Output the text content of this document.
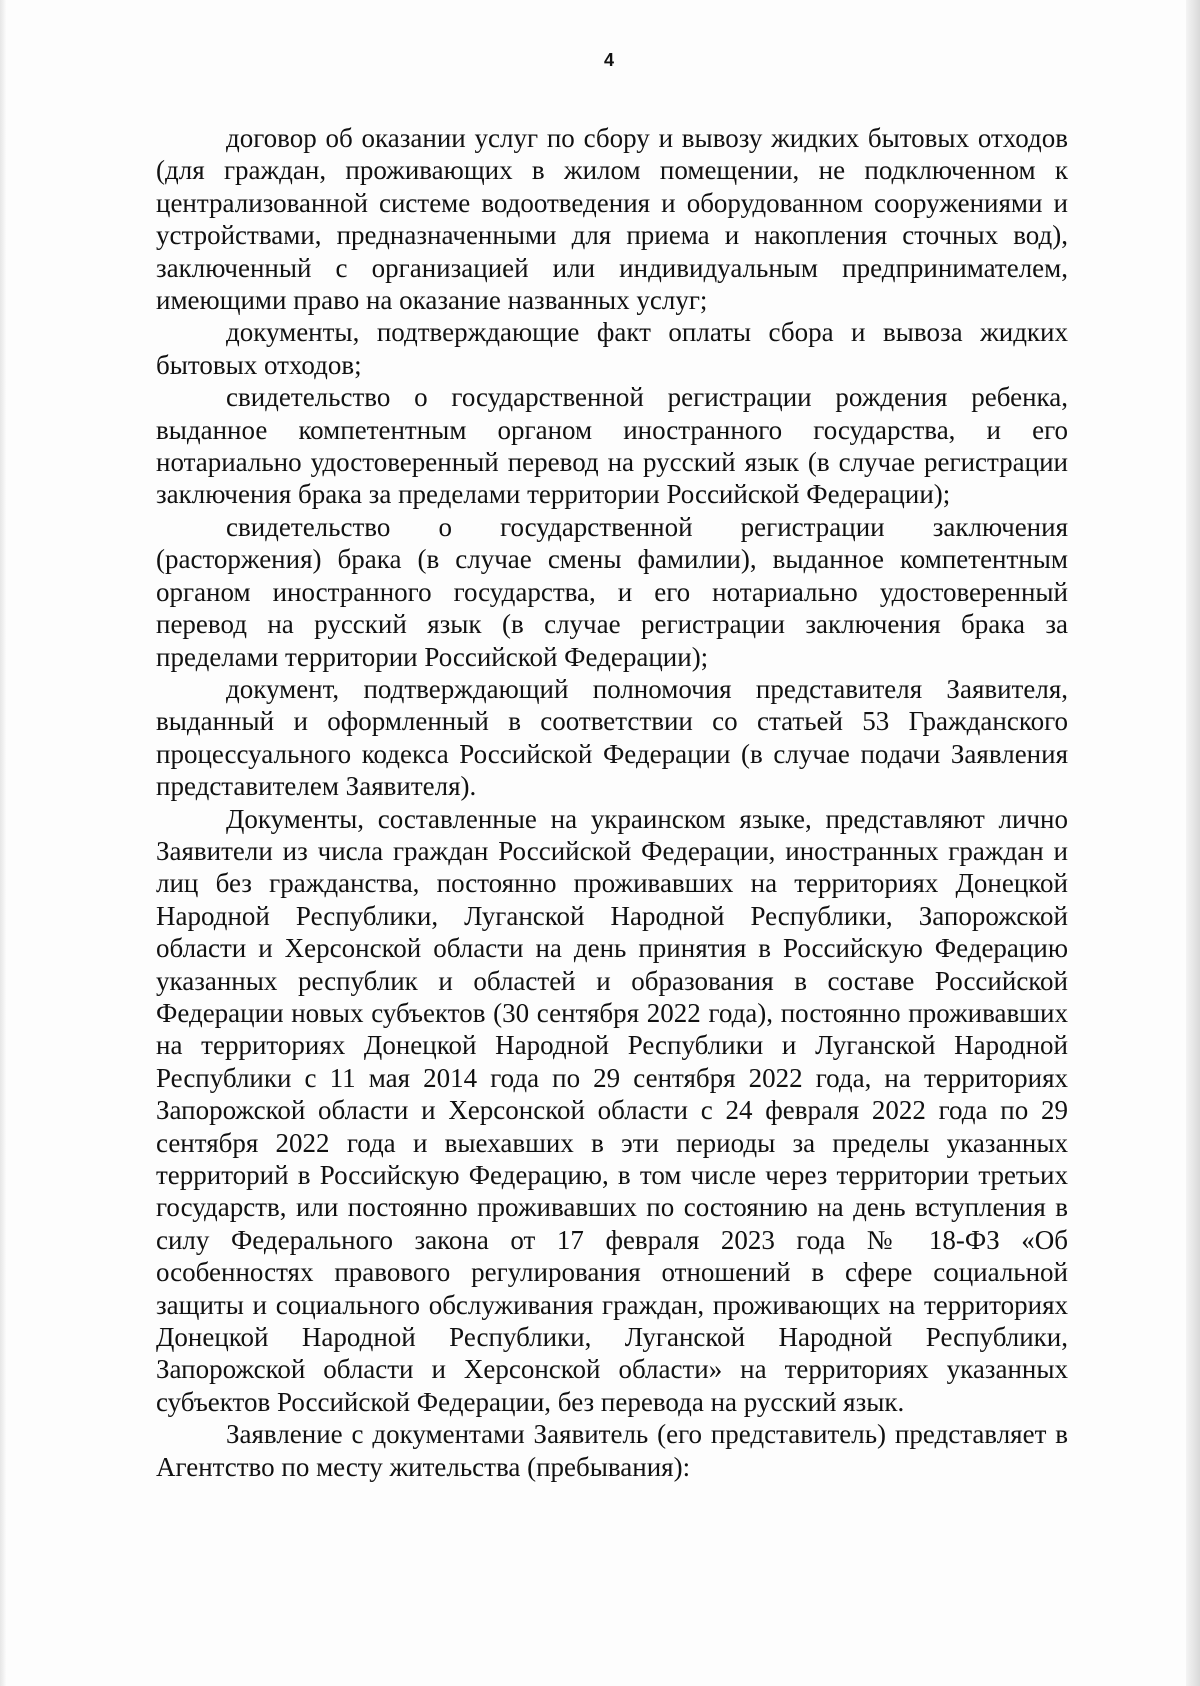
4

договор об оказании услуг по сбору и вывозу жидких бытовых отходов (для граждан, проживающих в жилом помещении, не подключенном к централизованной системе водоотведения и оборудованном сооружениями и устройствами, предназначенными для приема и накопления сточных вод), заключенный с организацией или индивидуальным предпринимателем, имеющими право на оказание названных услуг;

документы, подтверждающие факт оплаты сбора и вывоза жидких бытовых отходов;

свидетельство о государственной регистрации рождения ребенка, выданное компетентным органом иностранного государства, и его нотариально удостоверенный перевод на русский язык (в случае регистрации заключения брака за пределами территории Российской Федерации);

свидетельство о государственной регистрации заключения (расторжения) брака (в случае смены фамилии), выданное компетентным органом иностранного государства, и его нотариально удостоверенный перевод на русский язык (в случае регистрации заключения брака за пределами территории Российской Федерации);

документ, подтверждающий полномочия представителя Заявителя, выданный и оформленный в соответствии со статьей 53 Гражданского процессуального кодекса Российской Федерации (в случае подачи Заявления представителем Заявителя).

Документы, составленные на украинском языке, представляют лично Заявители из числа граждан Российской Федерации, иностранных граждан и лиц без гражданства, постоянно проживавших на территориях Донецкой Народной Республики, Луганской Народной Республики, Запорожской области и Херсонской области на день принятия в Российскую Федерацию указанных республик и областей и образования в составе Российской Федерации новых субъектов (30 сентября 2022 года), постоянно проживавших на территориях Донецкой Народной Республики и Луганской Народной Республики с 11 мая 2014 года по 29 сентября 2022 года, на территориях Запорожской области и Херсонской области с 24 февраля 2022 года по 29 сентября 2022 года и выехавших в эти периоды за пределы указанных территорий в Российскую Федерацию, в том числе через территории третьих государств, или постоянно проживавших по состоянию на день вступления в силу Федерального закона от 17 февраля 2023 года № 18-ФЗ «Об особенностях правового регулирования отношений в сфере социальной защиты и социального обслуживания граждан, проживающих на территориях Донецкой Народной Республики, Луганской Народной Республики, Запорожской области и Херсонской области» на территориях указанных субъектов Российской Федерации, без перевода на русский язык.

Заявление с документами Заявитель (его представитель) представляет в Агентство по месту жительства (пребывания):
